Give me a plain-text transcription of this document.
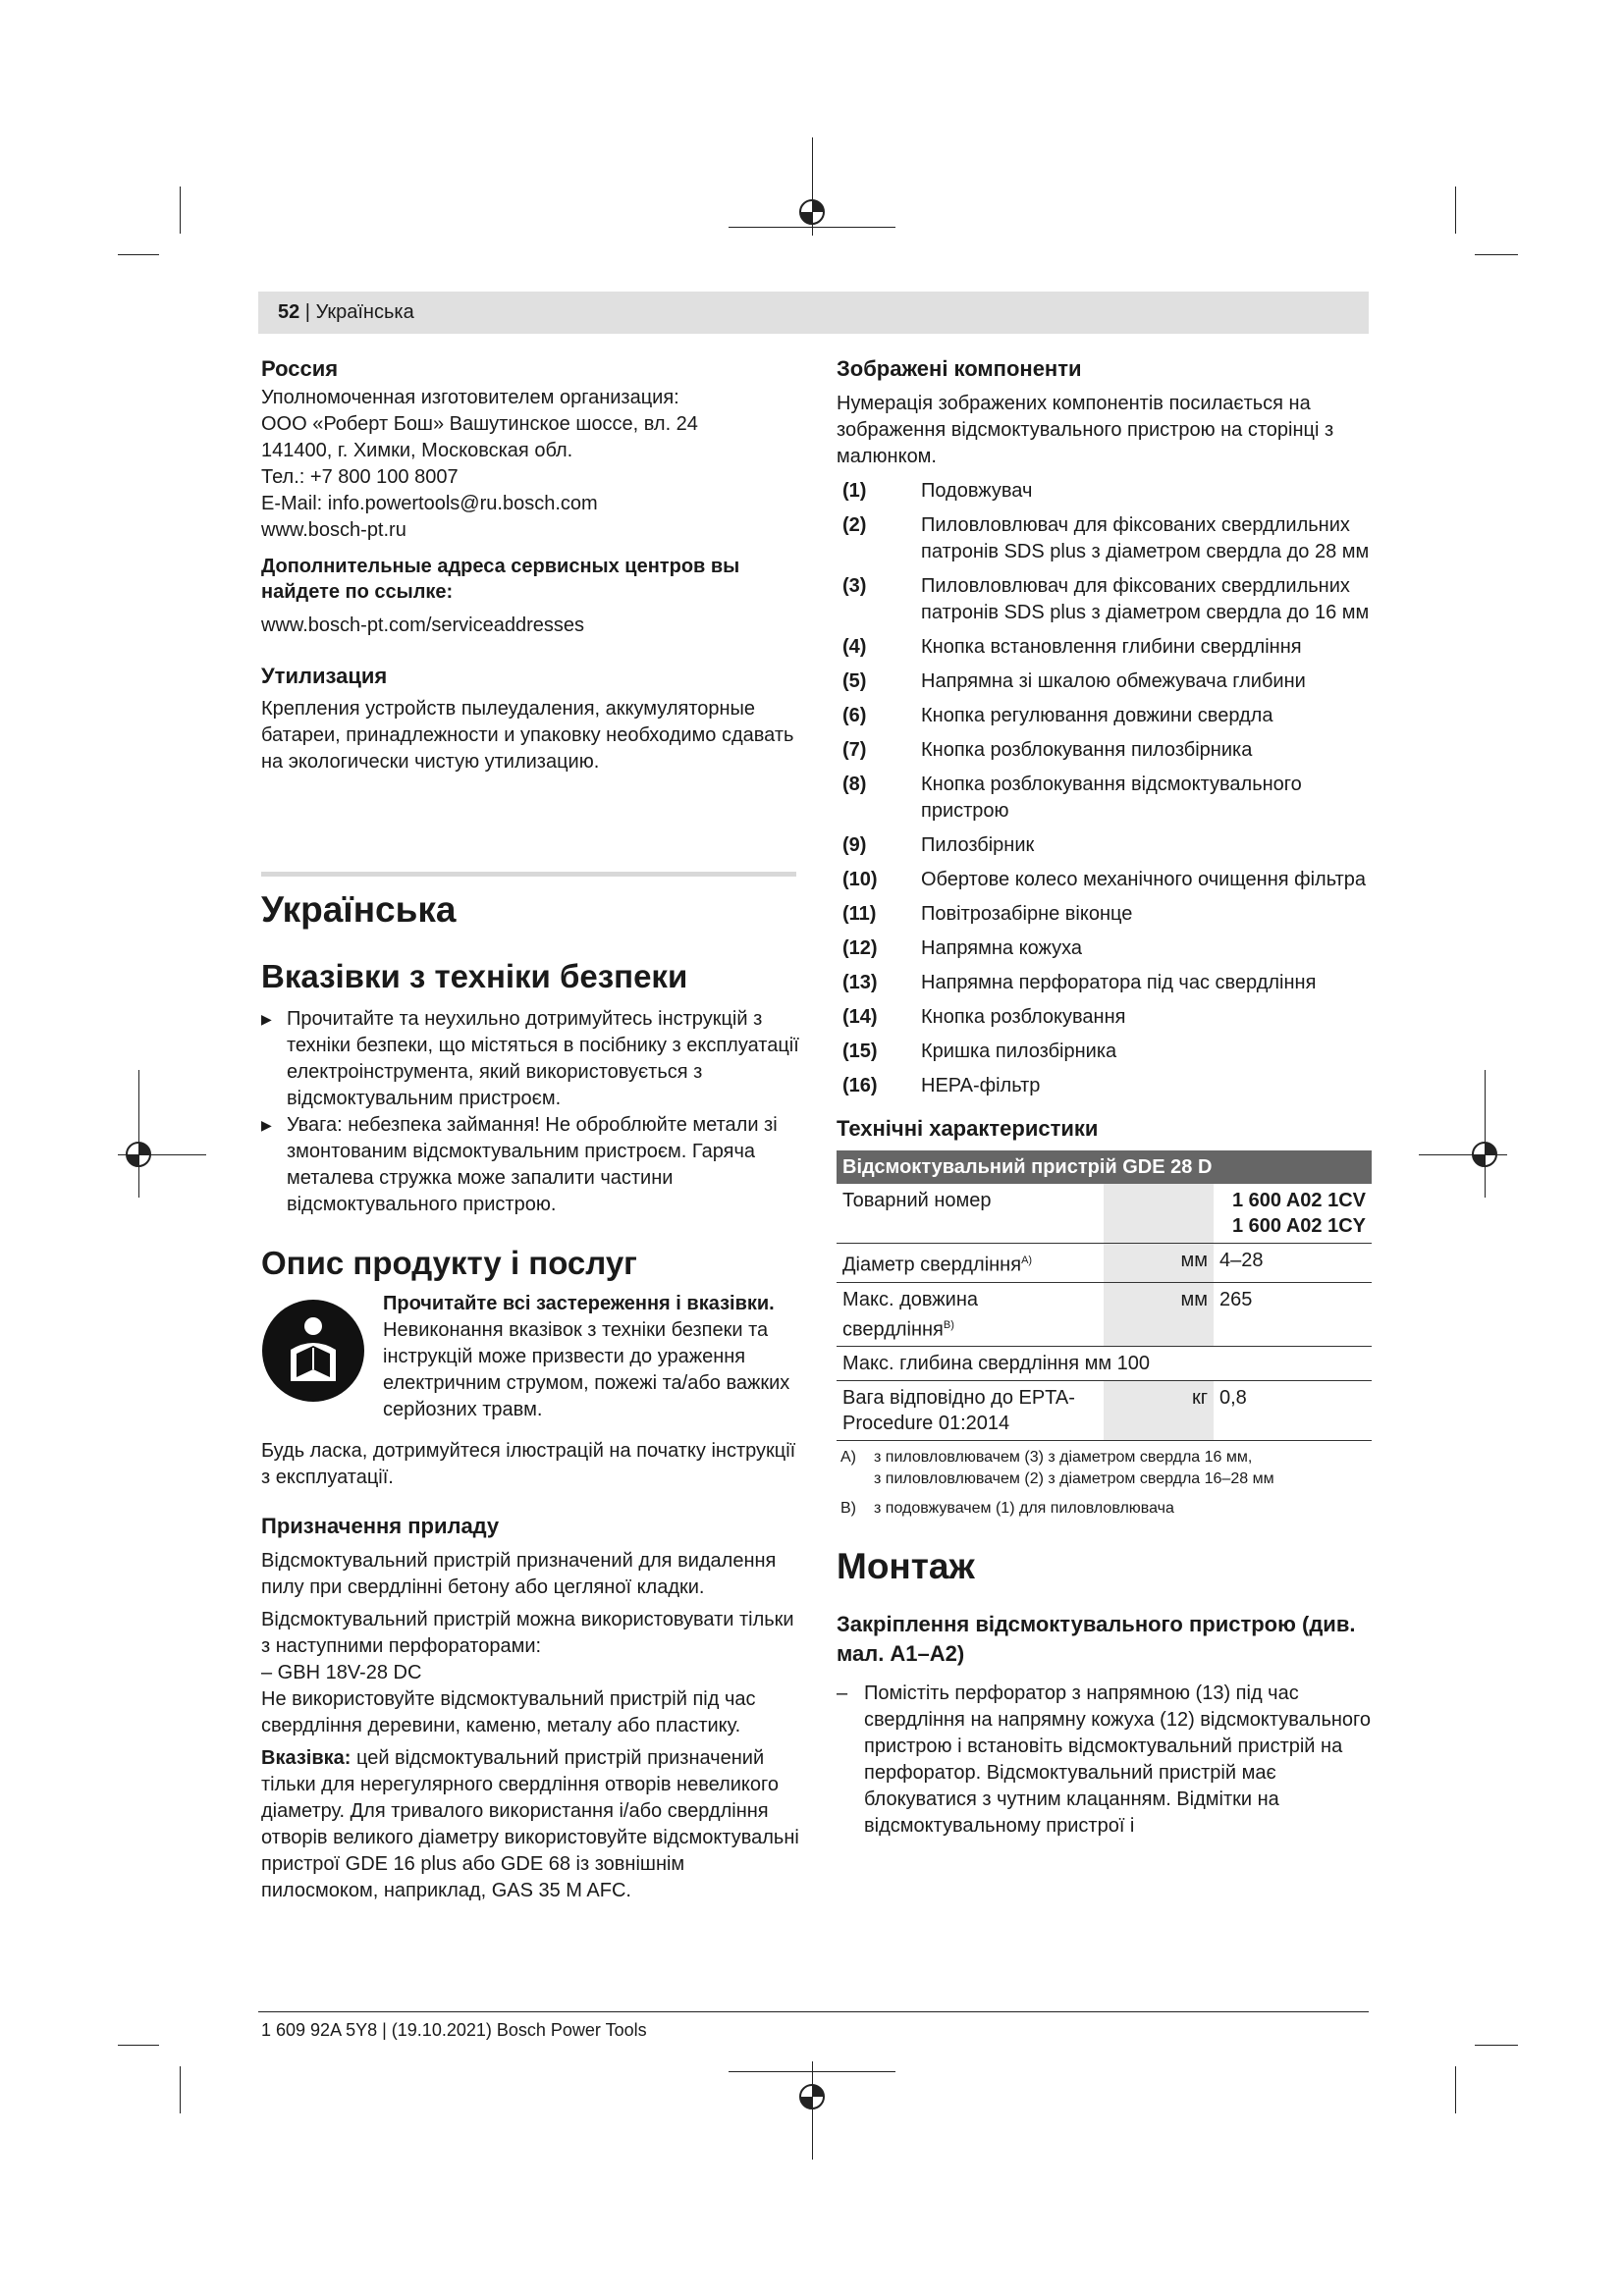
52 | Українська

Россия

Уполномоченная изготовителем организация:

ООО «Роберт Бош» Вашутинское шоссе, вл. 24

141400, г. Химки, Московская обл.

Тел.: +7 800 100 8007

E-Mail: info.powertools@ru.bosch.com

www.bosch-pt.ru

Дополнительные адреса сервисных центров вы найдете по ссылке:

www.bosch-pt.com/serviceaddresses

Утилизация

Крепления устройств пылеудаления, аккумуляторные батареи, принадлежности и упаковку необходимо сдавать на экологически чистую утилизацию.

Українська

Вказівки з техніки безпеки

▶ Прочитайте та неухильно дотримуйтесь інструкцій з техніки безпеки, що містяться в посібнику з експлуатації електроінструмента, який використовується з відсмоктувальним пристроєм.
▶ Увага: небезпека займання! Не оброблюйте метали зі змонтованим відсмоктувальним пристроєм. Гаряча металева стружка може запалити частини відсмоктувального пристрою.

Опис продукту і послуг

Прочитайте всі застереження і вказівки.

Невиконання вказівок з техніки безпеки та інструкцій може призвести до ураження електричним струмом, пожежі та/або важких серйозних травм.

Будь ласка, дотримуйтеся ілюстрацій на початку інструкції з експлуатації.

Призначення приладу

Відсмоктувальний пристрій призначений для видалення пилу при свердлінні бетону або цегляної кладки.

Відсмоктувальний пристрій можна використовувати тільки з наступними перфораторами:

– GBH 18V-28 DC

Не використовуйте відсмоктувальний пристрій під час свердління деревини, каменю, металу або пластику.

Вказівка: цей відсмоктувальний пристрій призначений тільки для нерегулярного свердління отворів невеликого діаметру. Для тривалого використання і/або свердління отворів великого діаметру використовуйте відсмоктувальні пристрої GDE 16 plus або GDE 68 із зовнішнім пилосмоком, наприклад, GAS 35 M AFC.

Зображені компоненти

Нумерація зображених компонентів посилається на зображення відсмоктувального пристрою на сторінці з малюнком.

(1)	Подовжувач
(2)	Пиловловлювач для фіксованих свердлильних патронів SDS plus з діаметром свердла до 28 мм
(3)	Пиловловлювач для фіксованих свердлильних патронів SDS plus з діаметром свердла до 16 мм
(4)	Кнопка встановлення глибини свердління
(5)	Напрямна зі шкалою обмежувача глибини
(6)	Кнопка регулювання довжини свердла
(7)	Кнопка розблокування пилозбірника
(8)	Кнопка розблокування відсмоктувального пристрою
(9)	Пилозбірник
(10) Обертове колесо механічного очищення фільтра
(11) Повітрозабірне віконце
(12) Напрямна кожуха
(13) Напрямна перфоратора під час свердління
(14) Кнопка розблокування
(15) Кришка пилозбірника
(16) HEPA-фільтр

Технічні характеристики

Відсмоктувальний пристрій GDE 28 D		
Товарний номер		1 600 A02 1CV
1 600 A02 1CY
Діаметр свердління$^{A)}$	мм	4–28
Макс. довжина
свердління$^{B)}$	мм	265
Макс. глибина свердління мм 100		
Вага відповідно до EPTA-
Procedure 01:2014	кг	0,8
A) з пиловловлювачем (3) з діаметром свердла 16 мм,
з пиловловлювачем (2) з діаметром свердла 16–28 мм
B) з подовжувачем (1) для пиловловлювача

Монтаж

Закріплення відсмоктувального пристрою (див. мал. A1–A2)

– Помістіть перфоратор з напрямною (13) під час свердління на напрямну кожуха (12) відсмоктувального пристрою і встановіть відсмоктувальний пристрій на перфоратор. Відсмоктувальний пристрій має блокуватися з чутним клацанням. Відмітки на відсмоктувальному пристрої і
1 609 92A 5Y8 | (19.10.2021) Bosch Power Tools
